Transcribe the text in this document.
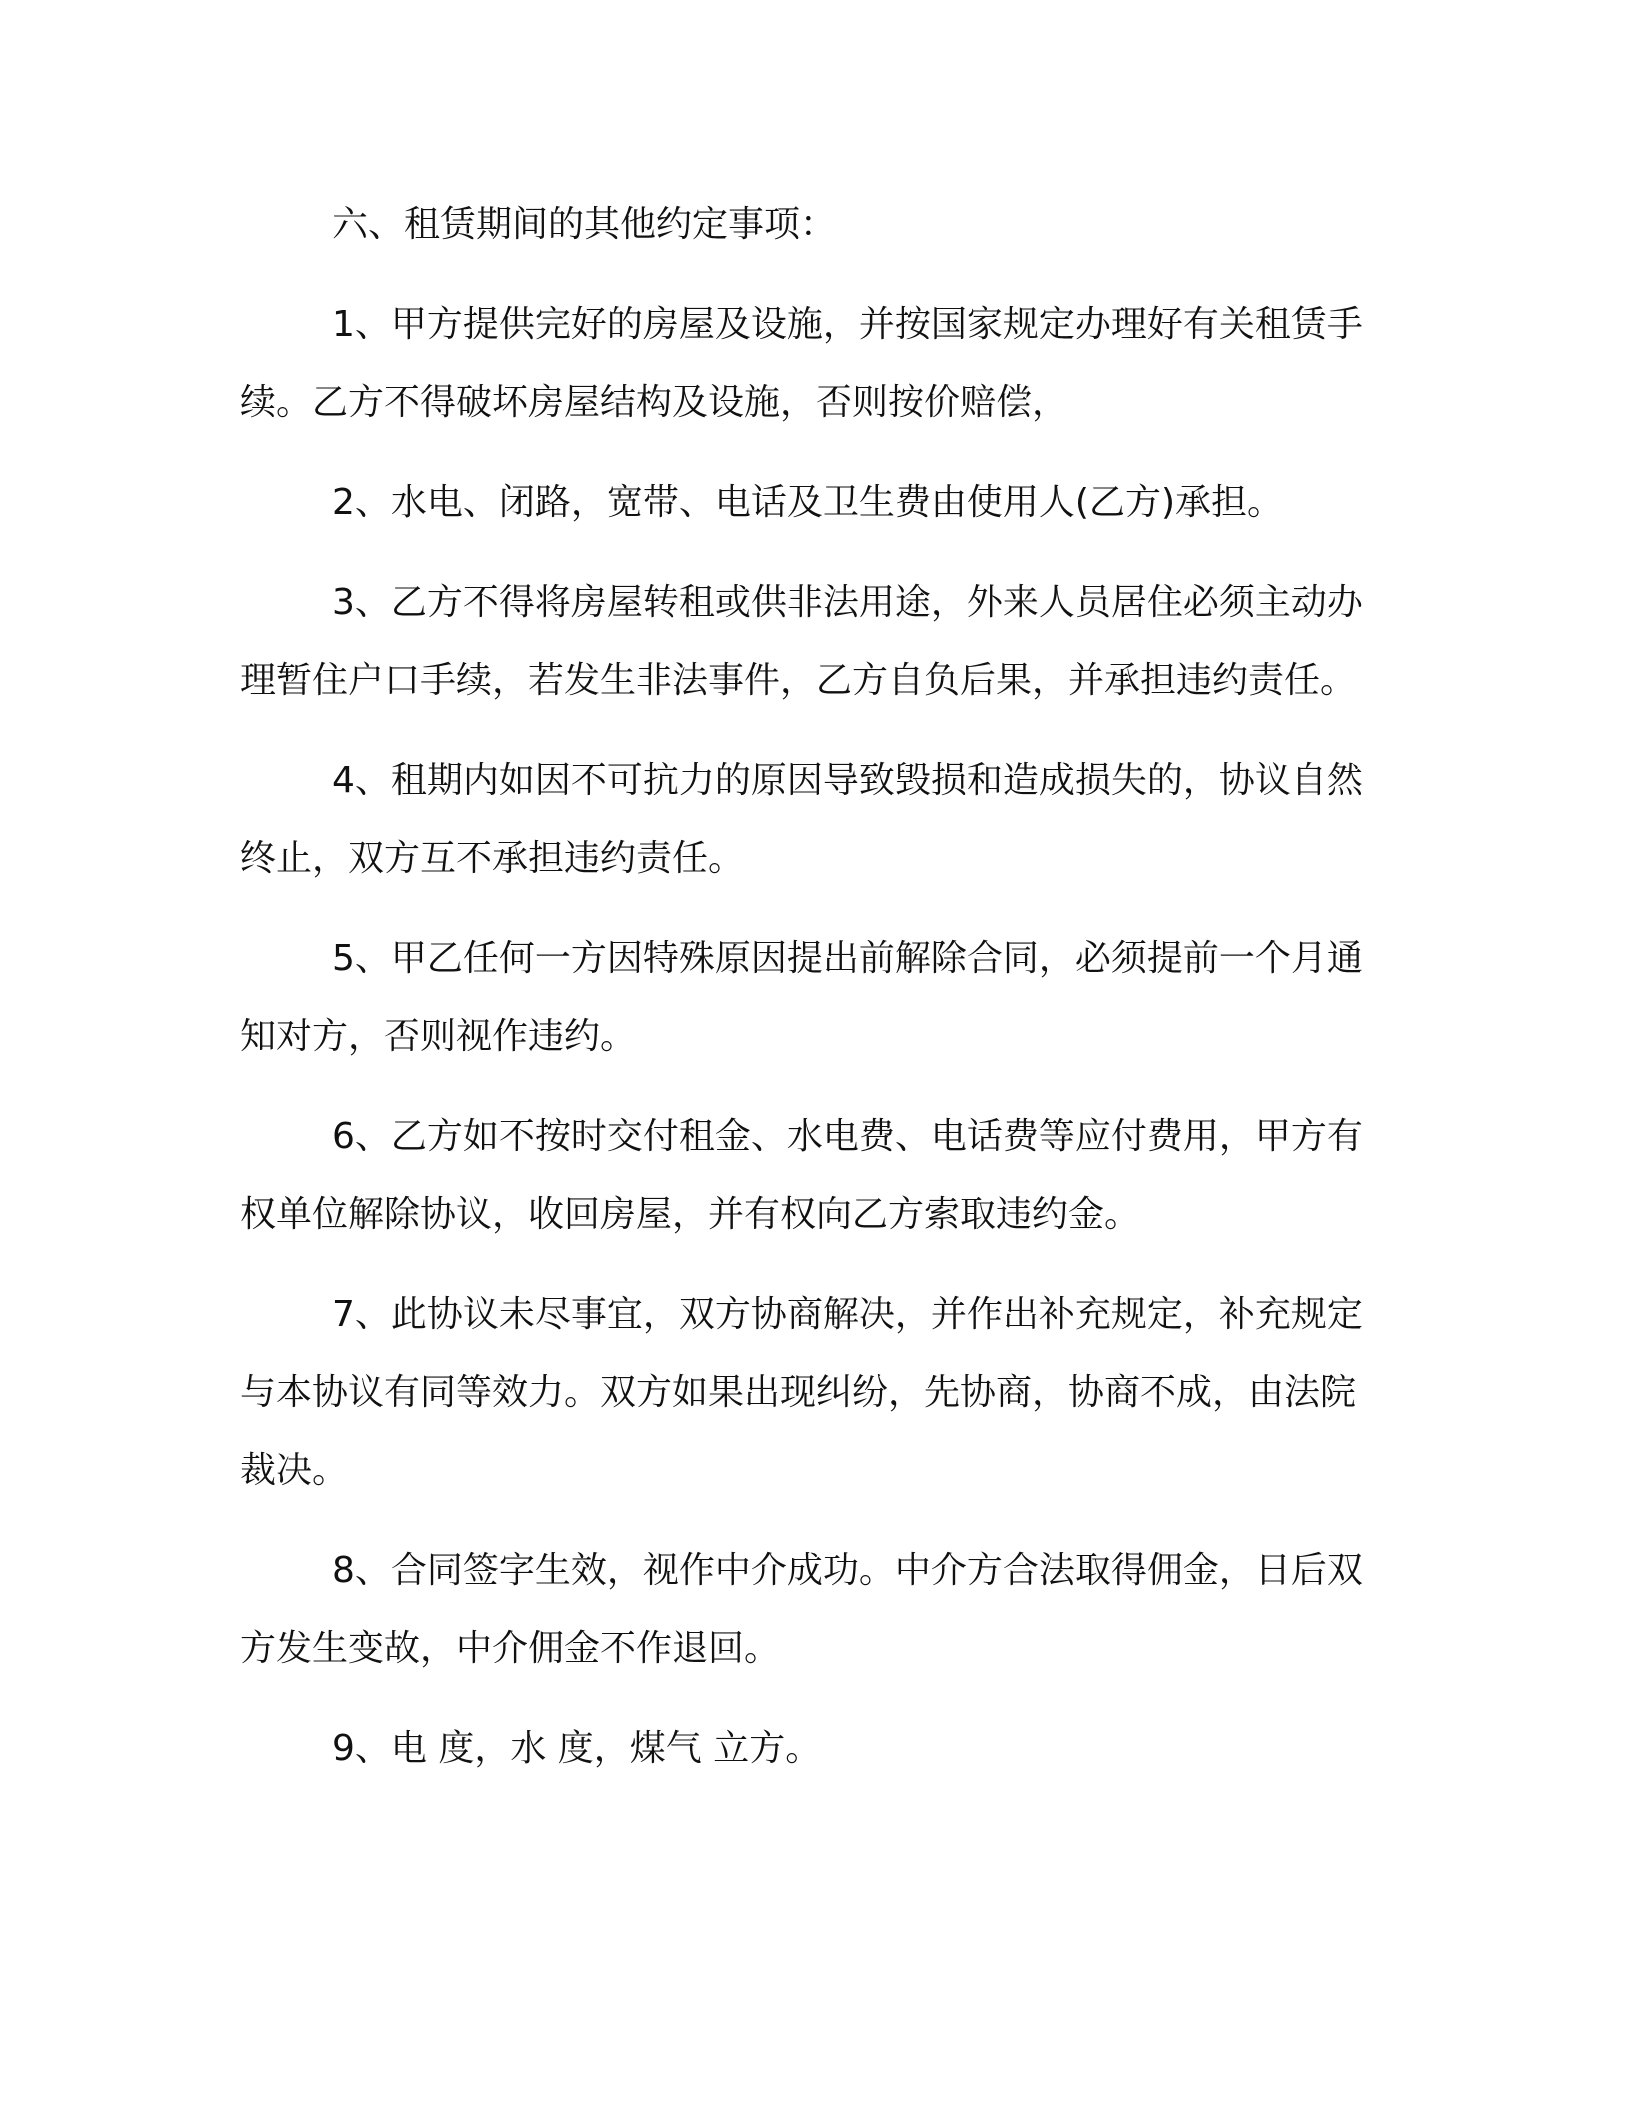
六、租赁期间的其他约定事项：

1、甲方提供完好的房屋及设施，并按国家规定办理好有关租赁手续。乙方不得破坏房屋结构及设施，否则按价赔偿，

2、水电、闭路，宽带、电话及卫生费由使用人(乙方)承担。

3、乙方不得将房屋转租或供非法用途，外来人员居住必须主动办理暂住户口手续，若发生非法事件，乙方自负后果，并承担违约责任。

4、租期内如因不可抗力的原因导致毁损和造成损失的，协议自然终止，双方互不承担违约责任。

5、甲乙任何一方因特殊原因提出前解除合同，必须提前一个月通知对方，否则视作违约。

6、乙方如不按时交付租金、水电费、电话费等应付费用，甲方有权单位解除协议，收回房屋，并有权向乙方索取违约金。

7、此协议未尽事宜，双方协商解决，并作出补充规定，补充规定与本协议有同等效力。双方如果出现纠纷，先协商，协商不成，由法院裁决。

8、合同签字生效，视作中介成功。中介方合法取得佣金，日后双方发生变故，中介佣金不作退回。

9、电 度，水 度，煤气 立方。
